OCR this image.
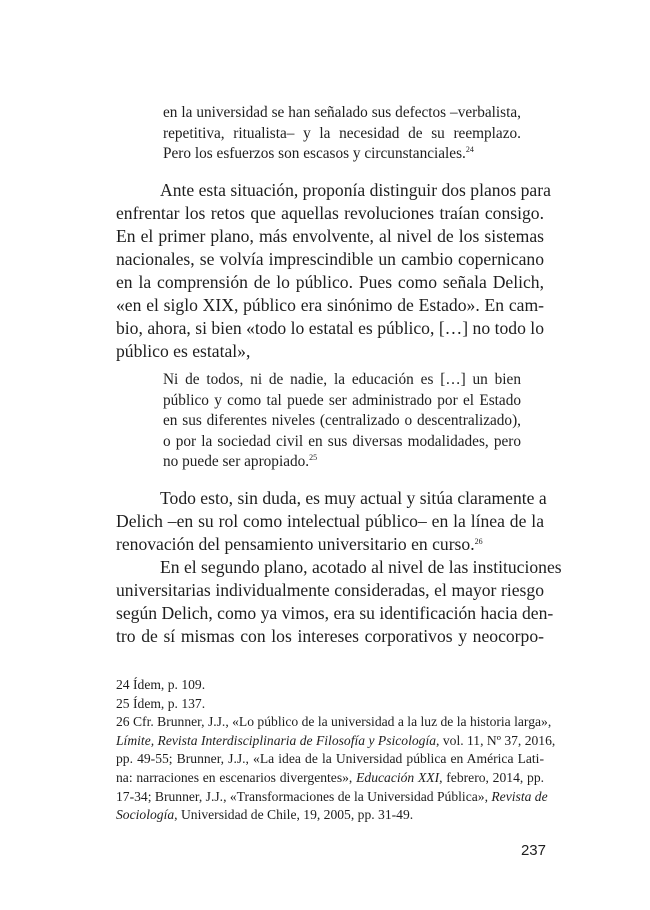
en la universidad se han señalado sus defectos –verbalista,
repetitiva, ritualista– y la necesidad de su reemplazo.
Pero los esfuerzos son escasos y circunstanciales.$^{24}$
Ante esta situación, proponía distinguir dos planos para
enfrentar los retos que aquellas revoluciones traían consigo.
En el primer plano, más envolvente, al nivel de los sistemas
nacionales, se volvía imprescindible un cambio copernicano
en la comprensión de lo público. Pues como señala Delich,
«en el siglo XIX, público era sinónimo de Estado». En cam-
bio, ahora, si bien «todo lo estatal es público, […] no todo lo
público es estatal»,
Ni de todos, ni de nadie, la educación es […] un bien
público y como tal puede ser administrado por el Estado
en sus diferentes niveles (centralizado o descentralizado),
o por la sociedad civil en sus diversas modalidades, pero
no puede ser apropiado.$^{25}$
Todo esto, sin duda, es muy actual y sitúa claramente a
Delich –en su rol como intelectual público– en la línea de la
renovación del pensamiento universitario en curso.$^{26}$
En el segundo plano, acotado al nivel de las instituciones
universitarias individualmente consideradas, el mayor riesgo
según Delich, como ya vimos, era su identificación hacia den-
tro de sí mismas con los intereses corporativos y neocorpo-
24 Ídem, p. 109.
25 Ídem, p. 137.
26 Cfr. Brunner, J.J., «Lo público de la universidad a la luz de la historia larga»,
Límite, Revista Interdisciplinaria de Filosofía y Psicología, vol. 11, Nº 37, 2016,
pp. 49-55; Brunner, J.J., «La idea de la Universidad pública en América Lati-
na: narraciones en escenarios divergentes», Educación XXI, febrero, 2014, pp.
17-34; Brunner, J.J., «Transformaciones de la Universidad Pública», Revista de
Sociología, Universidad de Chile, 19, 2005, pp. 31-49.
237
